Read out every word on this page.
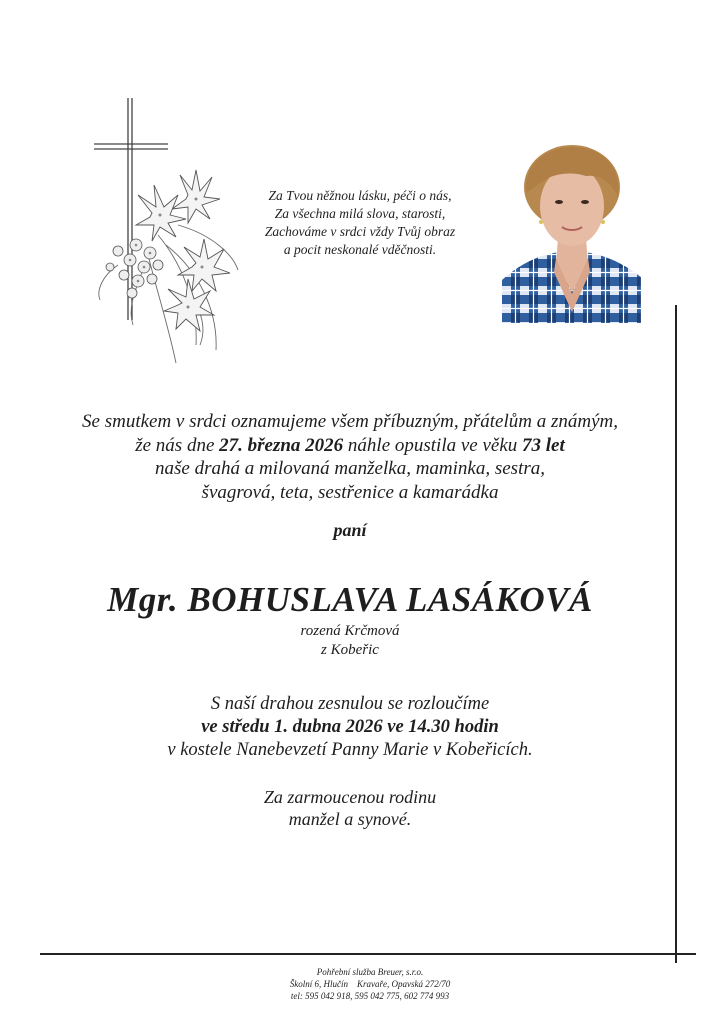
Za Tvou něžnou lásku, péči o nás,
Za všechna milá slova, starosti,
Zachováme v srdci vždy Tvůj obraz
a pocit neskonalé vděčnosti.
Se smutkem v srdci oznamujeme všem příbuzným, přátelům a známým,
že nás dne 27. března 2026 náhle opustila ve věku 73 let
naše drahá a milovaná manželka, maminka, sestra,
švagrová, teta, sestřenice a kamarádka
paní
Mgr. BOHUSLAVA LASÁKOVÁ
rozená Krčmová
z Kobeřic
S naší drahou zesnulou se rozloučíme
ve středu 1. dubna 2026 ve 14.30 hodin
v kostele Nanebevzetí Panny Marie v Kobeřicích.
Za zarmoucenou rodinu
manžel a synové.
Pohřební služba Breuer, s.r.o.
Školní 6, Hlučín    Kravaře, Opavská 272/70
tel: 595 042 918, 595 042 775, 602 774 993
